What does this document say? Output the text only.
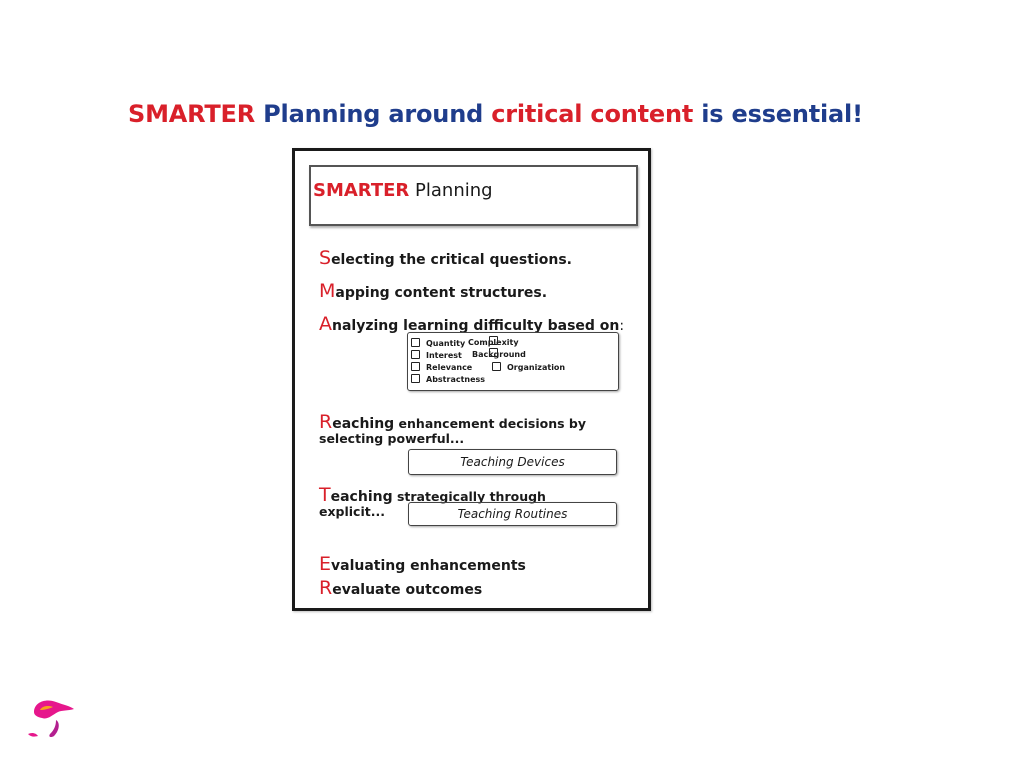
SMARTER Planning around critical content is essential!
SMARTER Planning
Selecting the critical questions.
Mapping content structures.
Analyzing learning difficulty based on:
Quantity Complexity
Interest Background
Relevance	Organization
Abstractness
Reaching enhancement decisions by
selecting powerful...
Teaching Devices
Teaching strategically through
explicit...	Teaching Routines
Evaluating enhancements
Revaluate outcomes
